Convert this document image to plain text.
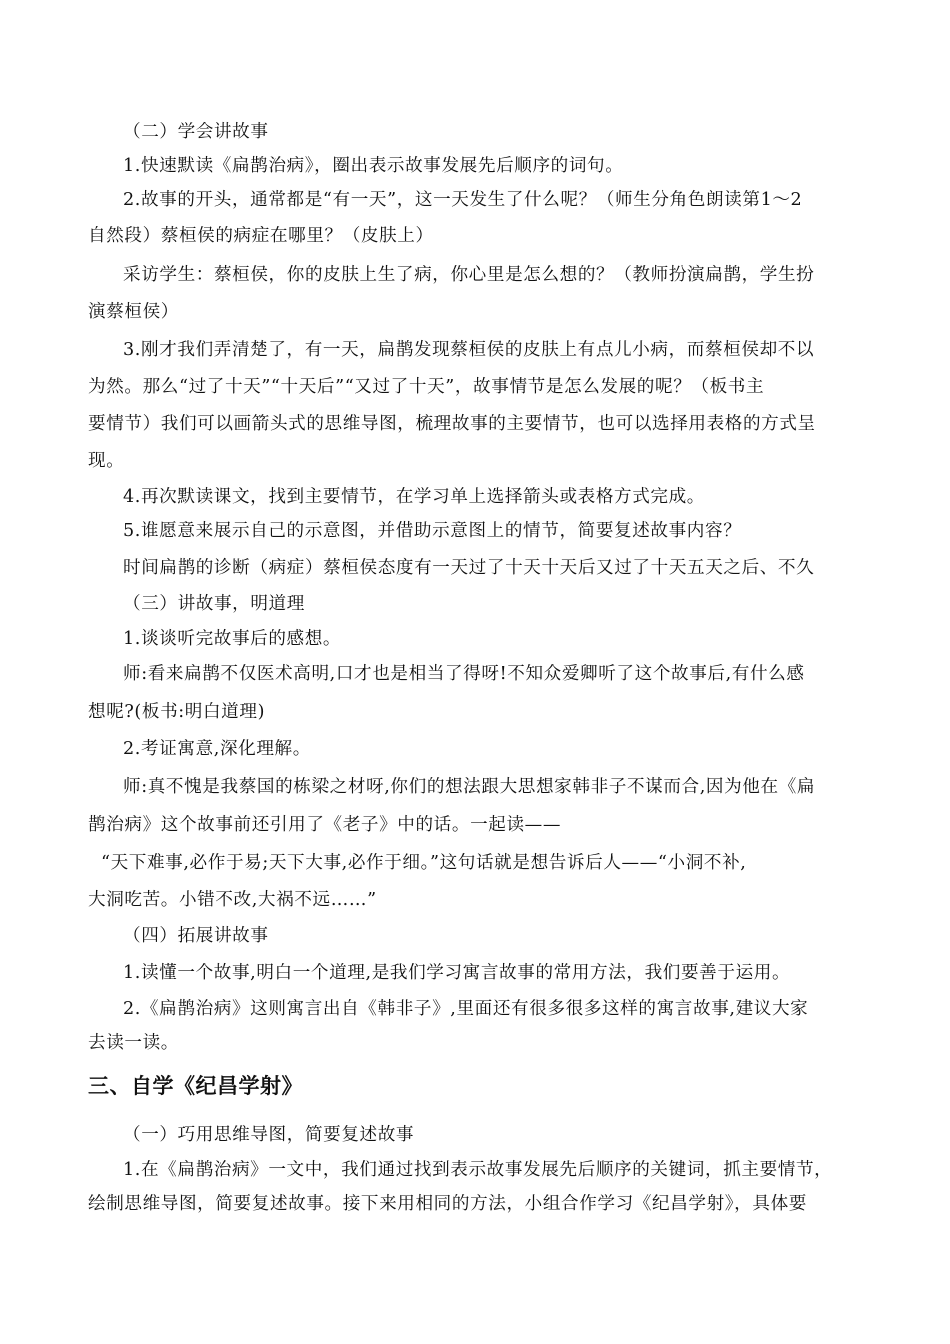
（二）学会讲故事
1.快速默读《扁鹊治病》，圈出表示故事发展先后顺序的词句。
2.故事的开头，通常都是“有一天”，这一天发生了什么呢？（师生分角色朗读第1～2
自然段）蔡桓侯的病症在哪里？（皮肤上）
采访学生：蔡桓侯，你的皮肤上生了病，你心里是怎么想的？（教师扮演扁鹊，学生扮
演蔡桓侯）
3.刚才我们弄清楚了，有一天，扁鹊发现蔡桓侯的皮肤上有点儿小病，而蔡桓侯却不以
为然。那么“过了十天”“十天后”“又过了十天”，故事情节是怎么发展的呢？（板书主
要情节）我们可以画箭头式的思维导图，梳理故事的主要情节，也可以选择用表格的方式呈
现。
4.再次默读课文，找到主要情节，在学习单上选择箭头或表格方式完成。
5.谁愿意来展示自己的示意图，并借助示意图上的情节，简要复述故事内容？
时间扁鹊的诊断（病症）蔡桓侯态度有一天过了十天十天后又过了十天五天之后、不久
（三）讲故事，明道理
1.谈谈听完故事后的感想。
师:看来扁鹊不仅医术高明,口才也是相当了得呀!不知众爱卿听了这个故事后,有什么感
想呢?(板书:明白道理)
2.考证寓意,深化理解。
师:真不愧是我蔡国的栋梁之材呀,你们的想法跟大思想家韩非子不谋而合,因为他在《扁
鹊治病》这个故事前还引用了《老子》中的话。一起读——
“天下难事,必作于易;天下大事,必作于细。”这句话就是想告诉后人——“小洞不补,
大洞吃苦。小错不改,大祸不远……”
（四）拓展讲故事
1.读懂一个故事,明白一个道理,是我们学习寓言故事的常用方法，我们要善于运用。
2.《扁鹊治病》这则寓言出自《韩非子》,里面还有很多很多这样的寓言故事,建议大家
去读一读。
三、自学《纪昌学射》
（一）巧用思维导图，简要复述故事
1.在《扁鹊治病》一文中，我们通过找到表示故事发展先后顺序的关键词，抓主要情节，
绘制思维导图，简要复述故事。接下来用相同的方法，小组合作学习《纪昌学射》，具体要
